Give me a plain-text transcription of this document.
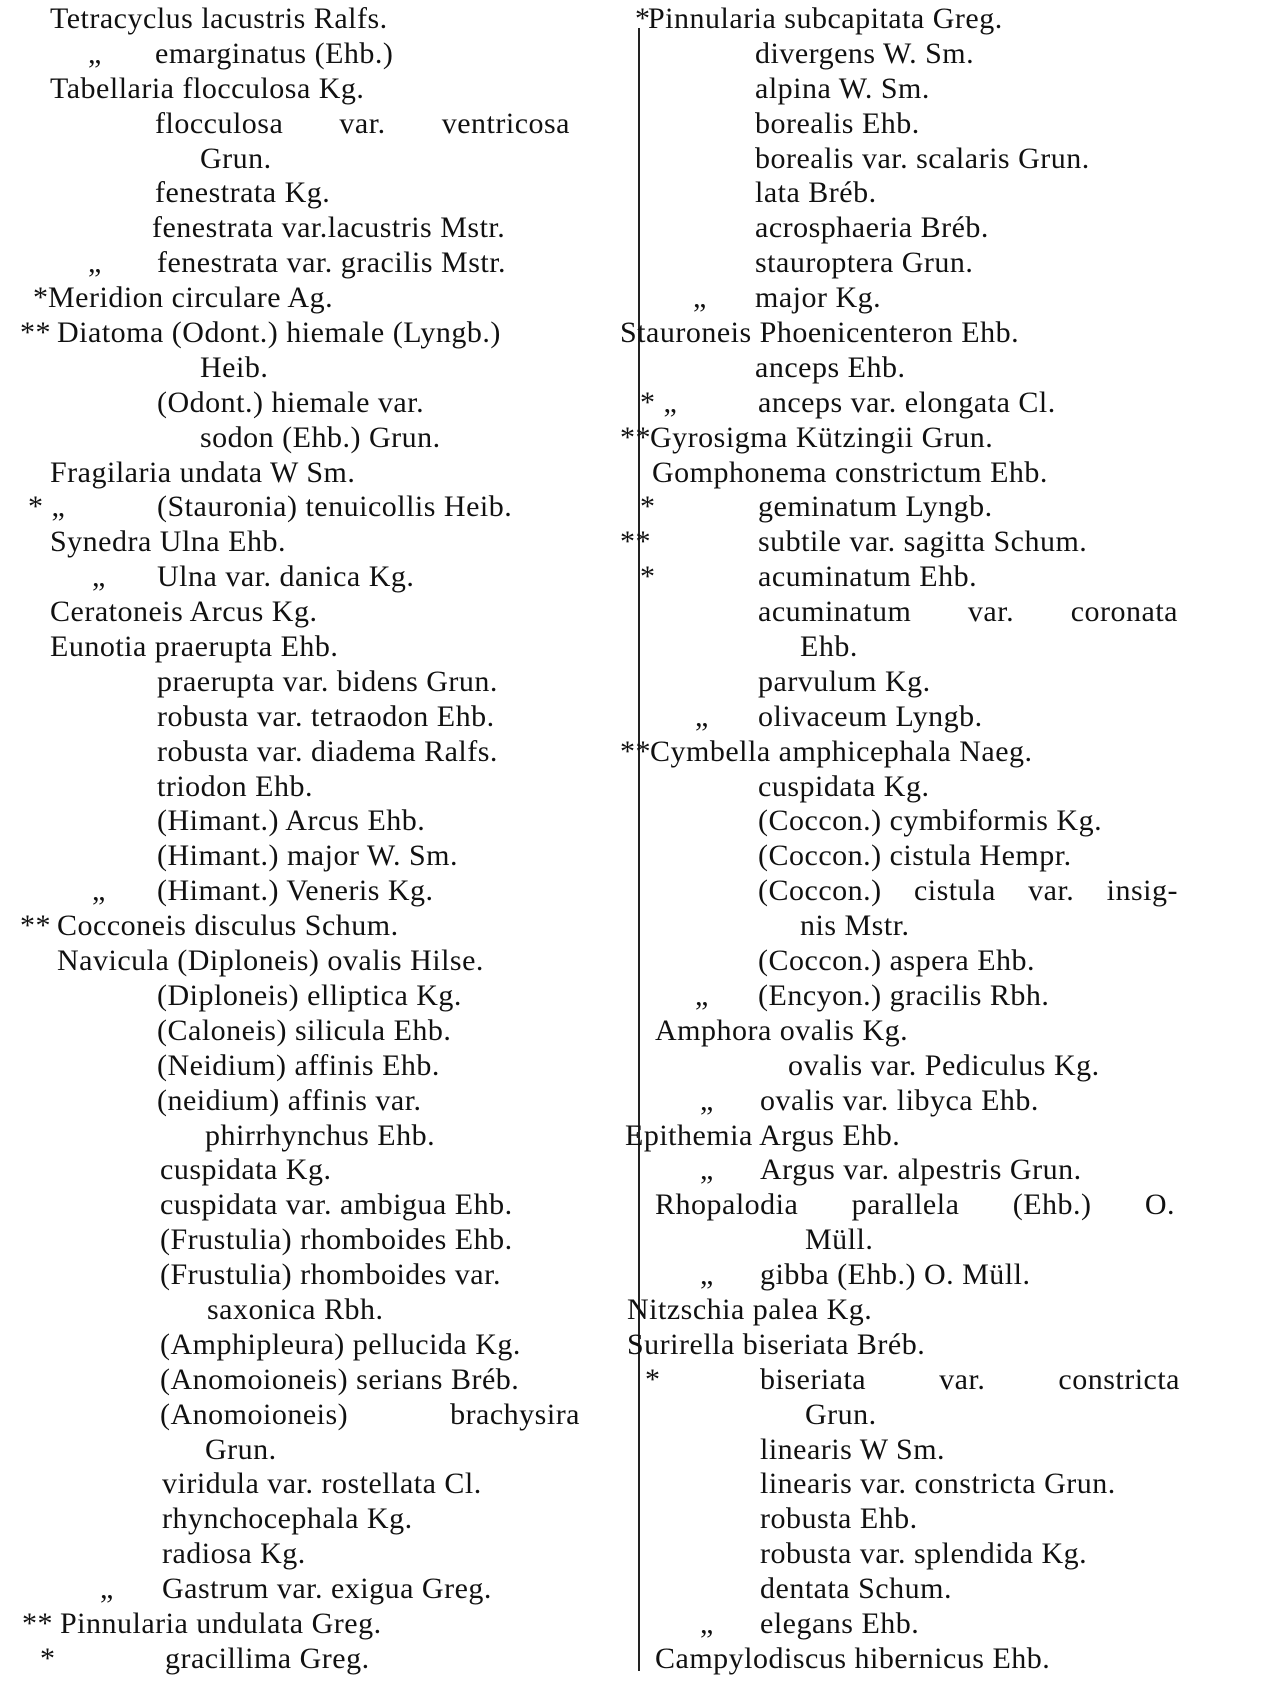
Tetracyclus lacustris Ralfs.
„ emarginatus (Ehb.)
Tabellaria flocculosa Kg.
flocculosa var. ventricosa
Grun.
fenestrata Kg.
fenestrata var.lacustris Mstr.
„ fenestrata var. gracilis Mstr.
* Meridion circulare Ag.
** Diatoma (Odont.) hiemale (Lyngb.)
Heib.
(Odont.) hiemale var.
sodon (Ehb.) Grun.
Fragilaria undata W Sm.
* „	(Stauronia) tenuicollis Heib.
Synedra Ulna Ehb.
„ Ulna var. danica Kg.
Ceratoneis Arcus Kg.
Eunotia praerupta Ehb.
praerupta var. bidens Grun.
robusta var. tetraodon Ehb.
robusta var. diadema Ralfs.
triodon Ehb.
(Himant.) Arcus Ehb.
(Himant.) major W. Sm.
„ (Himant.) Veneris Kg.
** Cocconeis disculus Schum.
Navicula (Diploneis) ovalis Hilse.
(Diploneis) elliptica Kg.
(Caloneis) silicula Ehb.
(Neidium) affinis Ehb.
(neidium) affinis var.
phirrhynchus Ehb.
cuspidata Kg.
cuspidata var. ambigua Ehb.
(Frustulia) rhomboides Ehb.
(Frustulia) rhomboides var.
saxonica Rbh.
(Amphipleura) pellucida Kg.
(Anomoioneis) serians Bréb.
(Anomoioneis) brachysira
Grun.
viridula var. rostellata Cl.
rhynchocephala Kg.
radiosa Kg.
„ Gastrum var. exigua Greg.
** Pinnularia undulata Greg.
*	gracillima Greg.
*
Pinnularia subcapitata Greg.
divergens W. Sm.
alpina W. Sm.
borealis Ehb.
borealis var. scalaris Grun.
lata Bréb.
acrosphaeria Bréb.
stauroptera Grun.
„ major Kg.
Stauroneis Phoenicenteron Ehb.
anceps Ehb.
* „	anceps var. elongata Cl.
** Gyrosigma Kützingii Grun.
Gomphonema constrictum Ehb.
*	geminatum Lyngb.
**	subtile var. sagitta Schum.
*	acuminatum Ehb.
acuminatum var. coronata
Ehb.
parvulum Kg.
„ olivaceum Lyngb.
** Cymbella amphicephala Naeg.
cuspidata Kg.
(Coccon.) cymbiformis Kg.
(Coccon.) cistula Hempr.
(Coccon.) cistula var. insig-
nis Mstr.
(Coccon.) aspera Ehb.
„ (Encyon.) gracilis Rbh.
Amphora ovalis Kg.
ovalis var. Pediculus Kg.
„ ovalis var. libyca Ehb.
Epithemia Argus Ehb.
„ Argus var. alpestris Grun.
Rhopalodia parallela (Ehb.) O.
Müll.
„ gibba (Ehb.) O. Müll.
Nitzschia palea Kg.
Surirella biseriata Bréb.
*	biseriata var. constricta
Grun.
linearis W Sm.
linearis var. constricta Grun.
robusta Ehb.
robusta var. splendida Kg.
dentata Schum.
„ elegans Ehb.
Campylodiscus hibernicus Ehb.
